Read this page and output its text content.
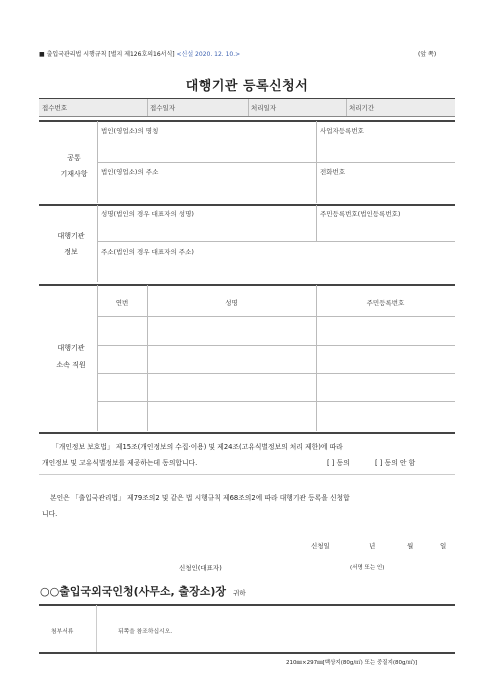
■ 출입국관리법 시행규칙 [별지 제126호의16서식] <신설 2020. 12. 10.>	(앞 쪽)
대행기관 등록신청서
접수번호	접수일자	처리일자	처리기간
공통
기재사항
법인(영업소)의 명칭	사업자등록번호
법인(영업소)의 주소	전화번호
대행기관
정보
성명(법인의 경우 대표자의 성명)	주민등록번호(법인등록번호)
주소(법인의 경우 대표자의 주소)
대행기관
소속 직원
연번	성명	주민등록번호
「개인정보 보호법」 제15조(개인정보의 수집·이용) 및 제24조(고유식별정보의 처리 제한)에 따라
개인정보 및 고유식별정보를 제공하는데 동의합니다.	[ ] 동의	[ ] 동의 안 함
본인은 「출입국관리법」 제79조의2 및 같은 법 시행규칙 제68조의2에 따라 대행기관 등록을 신청합
니다.
신청일	년	월	일
신청인(대표자)	(서명 또는 인)
○○출입국외국인청(사무소, 출장소)장 귀하
첨부서류	뒤쪽을 참조하십시오.
210㎜×297㎜[백상지(80g/㎡) 또는 중질지(80g/㎡)]
